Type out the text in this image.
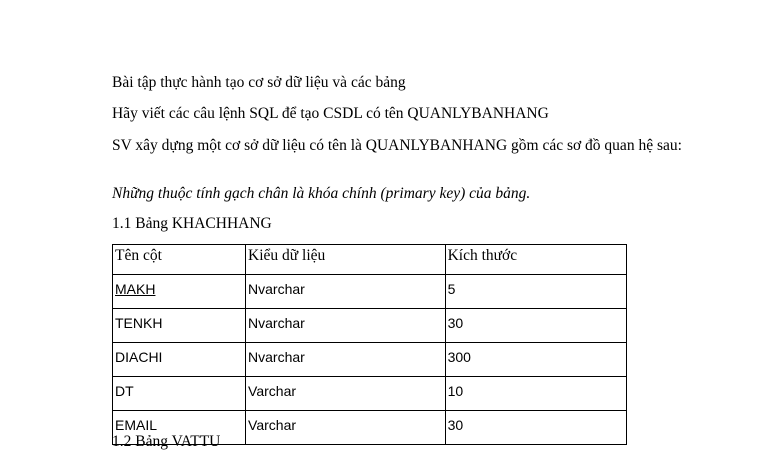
Bài tập thực hành tạo cơ sở dữ liệu và các bảng

Hãy viết các câu lệnh SQL để tạo CSDL có tên QUANLYBANHANG

SV xây dựng một cơ sở dữ liệu có tên là QUANLYBANHANG gồm các sơ đồ quan hệ sau:

Những thuộc tính gạch chân là khóa chính (primary key) của bảng.

1.1 Bảng KHACHHANG

Tên cột	Kiểu dữ liệu	Kích thước
MAKH	Nvarchar	5
TENKH	Nvarchar	30
DIACHI	Nvarchar	300
DT	Varchar	10
EMAIL	Varchar	30

1.2 Bảng VATTU
